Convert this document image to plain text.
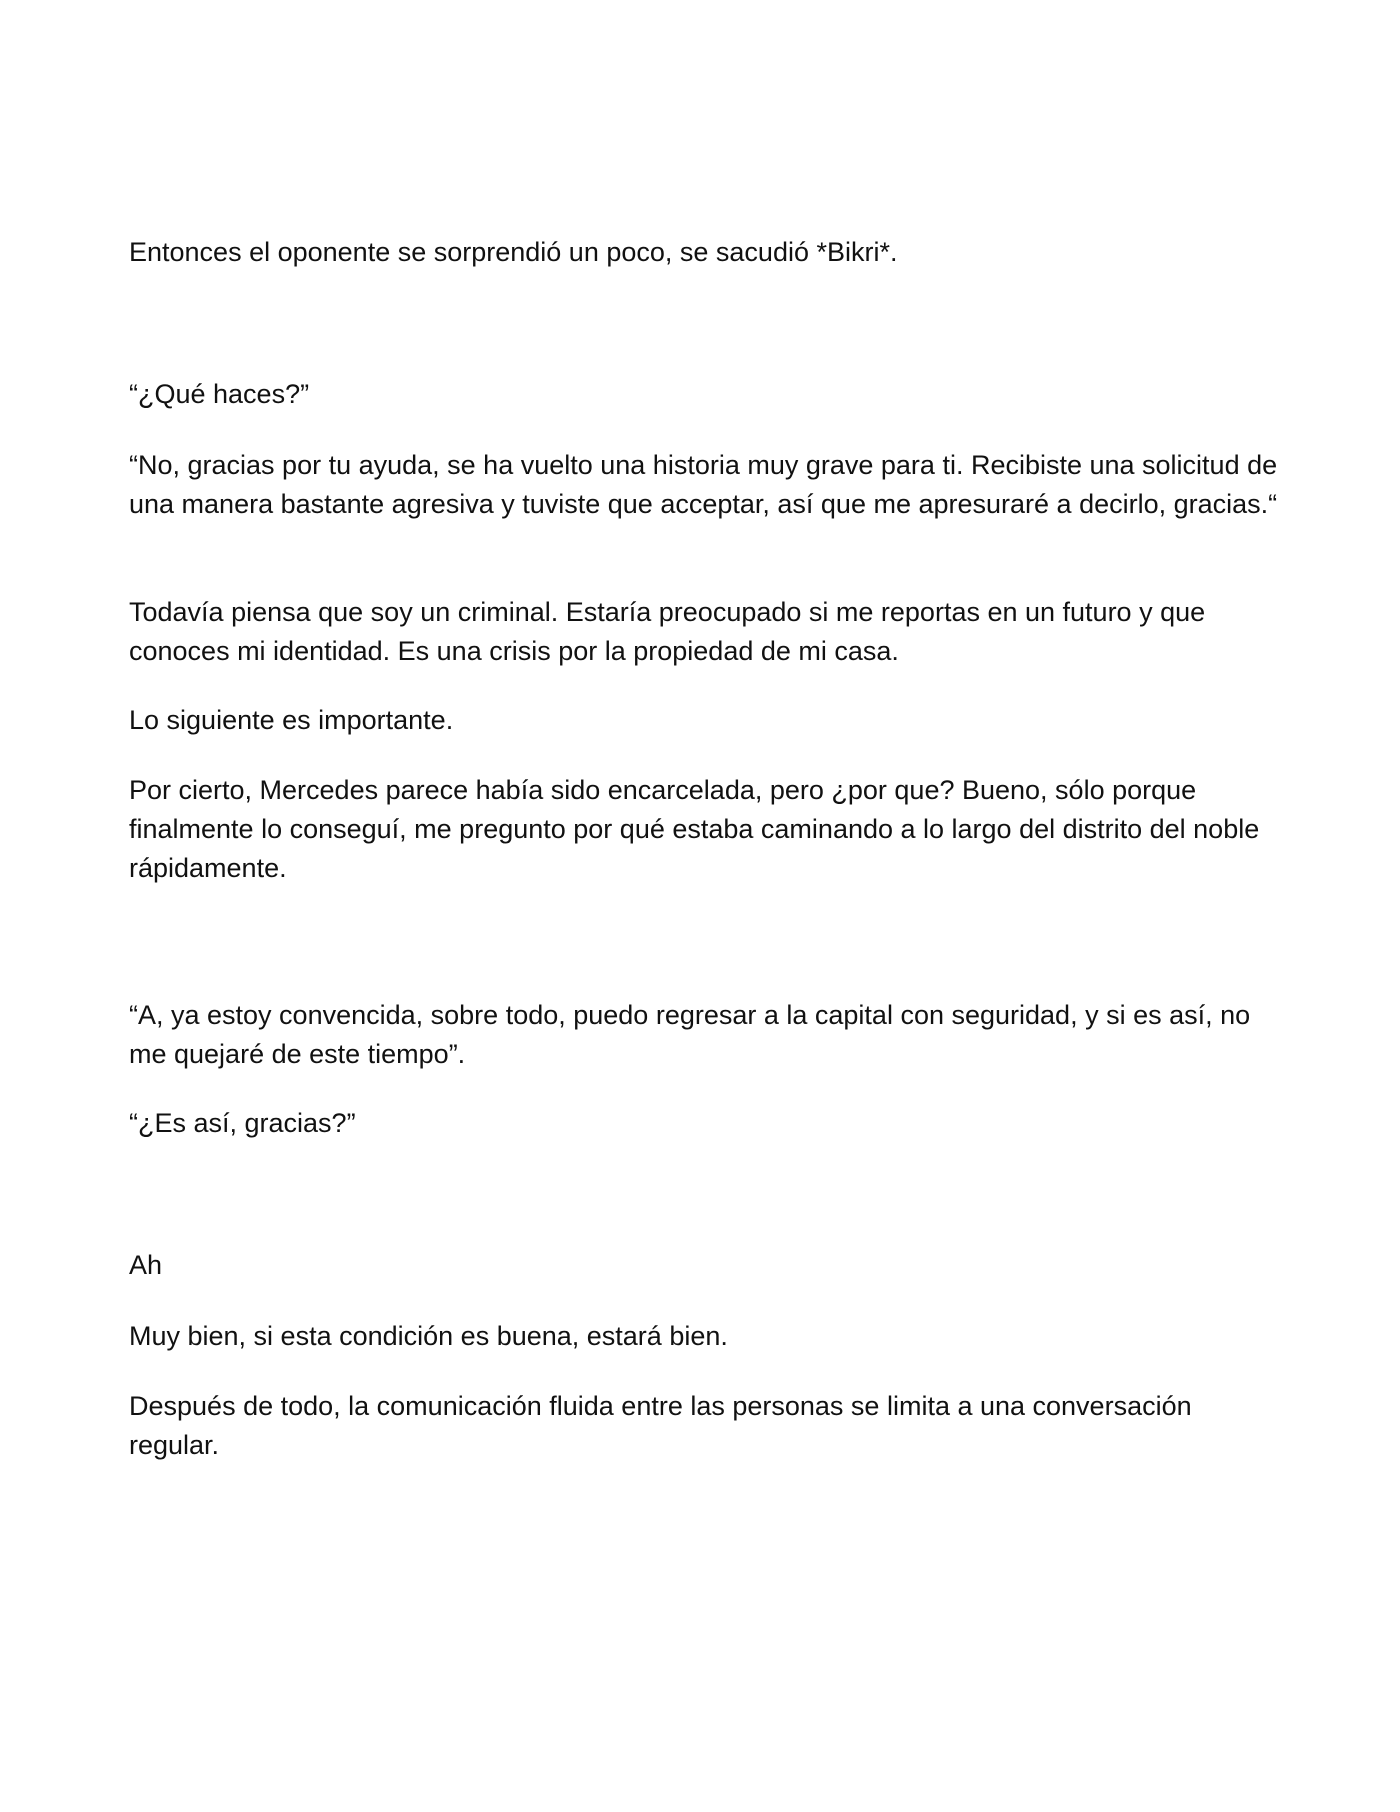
Entonces el oponente se sorprendió un poco, se sacudió *Bikri*.

“¿Qué haces?”

“No, gracias por tu ayuda, se ha vuelto una historia muy grave para ti. Recibiste una solicitud de una manera bastante agresiva y tuviste que acceptar, así que me apresuraré a decirlo, gracias.“

Todavía piensa que soy un criminal. Estaría preocupado si me reportas en un futuro y que conoces mi identidad. Es una crisis por la propiedad de mi casa.

Lo siguiente es importante.

Por cierto, Mercedes parece había sido encarcelada, pero ¿por que? Bueno, sólo porque finalmente lo conseguí, me pregunto por qué estaba caminando a lo largo del distrito del noble rápidamente.

“A, ya estoy convencida, sobre todo, puedo regresar a la capital con seguridad, y si es así, no me quejaré de este tiempo”.

“¿Es así, gracias?”

Ah

Muy bien, si esta condición es buena, estará bien.

Después de todo, la comunicación fluida entre las personas se limita a una conversación regular.
